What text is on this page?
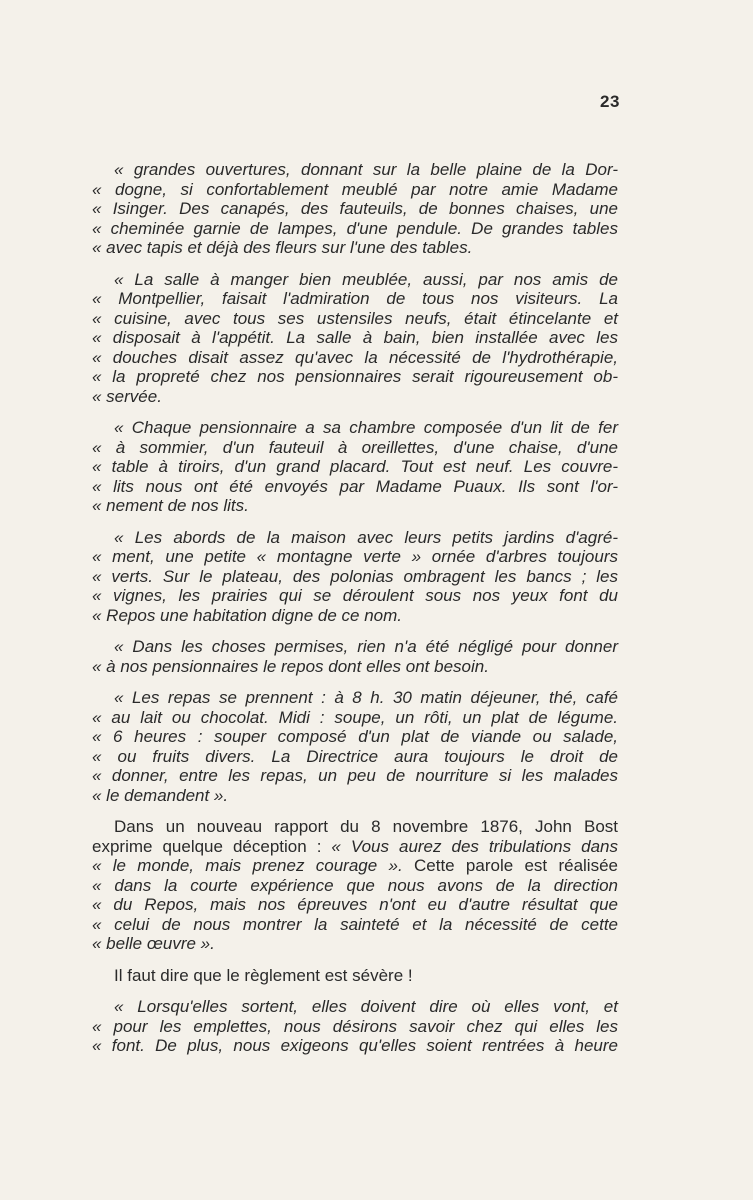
23
« grandes ouvertures, donnant sur la belle plaine de la Dor-
« dogne, si confortablement meublé par notre amie Madame
« Isinger. Des canapés, des fauteuils, de bonnes chaises, une
« cheminée garnie de lampes, d'une pendule. De grandes tables
« avec tapis et déjà des fleurs sur l'une des tables.
« La salle à manger bien meublée, aussi, par nos amis de
« Montpellier, faisait l'admiration de tous nos visiteurs. La
« cuisine, avec tous ses ustensiles neufs, était étincelante et
« disposait à l'appétit. La salle à bain, bien installée avec les
« douches disait assez qu'avec la nécessité de l'hydrothérapie,
« la propreté chez nos pensionnaires serait rigoureusement ob-
« servée.
« Chaque pensionnaire a sa chambre composée d'un lit de fer
« à sommier, d'un fauteuil à oreillettes, d'une chaise, d'une
« table à tiroirs, d'un grand placard. Tout est neuf. Les couvre-
« lits nous ont été envoyés par Madame Puaux. Ils sont l'or-
« nement de nos lits.
« Les abords de la maison avec leurs petits jardins d'agré-
« ment, une petite « montagne verte » ornée d'arbres toujours
« verts. Sur le plateau, des polonias ombragent les bancs ; les
« vignes, les prairies qui se déroulent sous nos yeux font du
« Repos une habitation digne de ce nom.
« Dans les choses permises, rien n'a été négligé pour donner
« à nos pensionnaires le repos dont elles ont besoin.
« Les repas se prennent : à 8 h. 30 matin déjeuner, thé, café
« au lait ou chocolat. Midi : soupe, un rôti, un plat de légume.
« 6 heures : souper composé d'un plat de viande ou salade,
« ou fruits divers. La Directrice aura toujours le droit de
« donner, entre les repas, un peu de nourriture si les malades
« le demandent ».
Dans un nouveau rapport du 8 novembre 1876, John Bost
exprime quelque déception : « Vous aurez des tribulations dans
« le monde, mais prenez courage ». Cette parole est réalisée
« dans la courte expérience que nous avons de la direction
« du Repos, mais nos épreuves n'ont eu d'autre résultat que
« celui de nous montrer la sainteté et la nécessité de cette
« belle œuvre ».
Il faut dire que le règlement est sévère !
« Lorsqu'elles sortent, elles doivent dire où elles vont, et
« pour les emplettes, nous désirons savoir chez qui elles les
« font. De plus, nous exigeons qu'elles soient rentrées à heure
